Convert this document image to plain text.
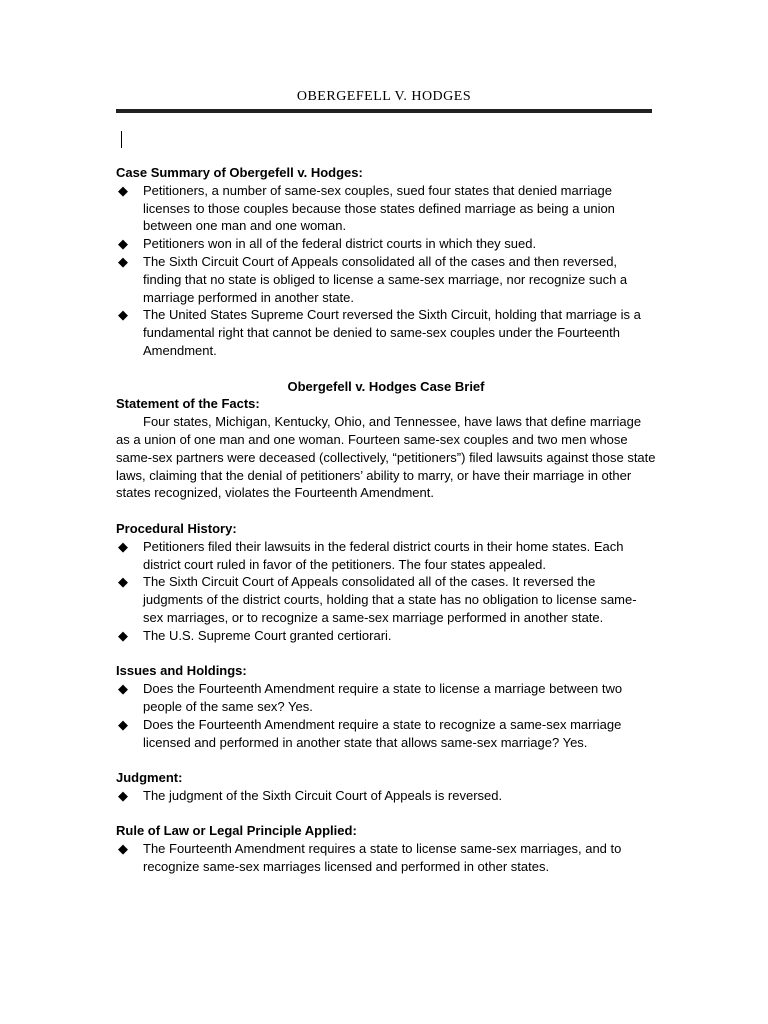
OBERGEFELL V. HODGES
Case Summary of Obergefell v. Hodges:
◆ Petitioners, a number of same-sex couples, sued four states that denied marriage licenses to those couples because those states defined marriage as being a union between one man and one woman.
◆ Petitioners won in all of the federal district courts in which they sued.
◆ The Sixth Circuit Court of Appeals consolidated all of the cases and then reversed, finding that no state is obliged to license a same-sex marriage, nor recognize such a marriage performed in another state.
◆ The United States Supreme Court reversed the Sixth Circuit, holding that marriage is a fundamental right that cannot be denied to same-sex couples under the Fourteenth Amendment.
Obergefell v. Hodges Case Brief
Statement of the Facts:
Four states, Michigan, Kentucky, Ohio, and Tennessee, have laws that define marriage as a union of one man and one woman. Fourteen same-sex couples and two men whose same-sex partners were deceased (collectively, “petitioners”) filed lawsuits against those state laws, claiming that the denial of petitioners’ ability to marry, or have their marriage in other states recognized, violates the Fourteenth Amendment.
Procedural History:
◆ Petitioners filed their lawsuits in the federal district courts in their home states. Each district court ruled in favor of the petitioners. The four states appealed.
◆ The Sixth Circuit Court of Appeals consolidated all of the cases. It reversed the judgments of the district courts, holding that a state has no obligation to license same-sex marriages, or to recognize a same-sex marriage performed in another state.
◆ The U.S. Supreme Court granted certiorari.
Issues and Holdings:
◆ Does the Fourteenth Amendment require a state to license a marriage between two people of the same sex? Yes.
◆ Does the Fourteenth Amendment require a state to recognize a same-sex marriage licensed and performed in another state that allows same-sex marriage? Yes.
Judgment:
◆ The judgment of the Sixth Circuit Court of Appeals is reversed.
Rule of Law or Legal Principle Applied:
◆ The Fourteenth Amendment requires a state to license same-sex marriages, and to recognize same-sex marriages licensed and performed in other states.
